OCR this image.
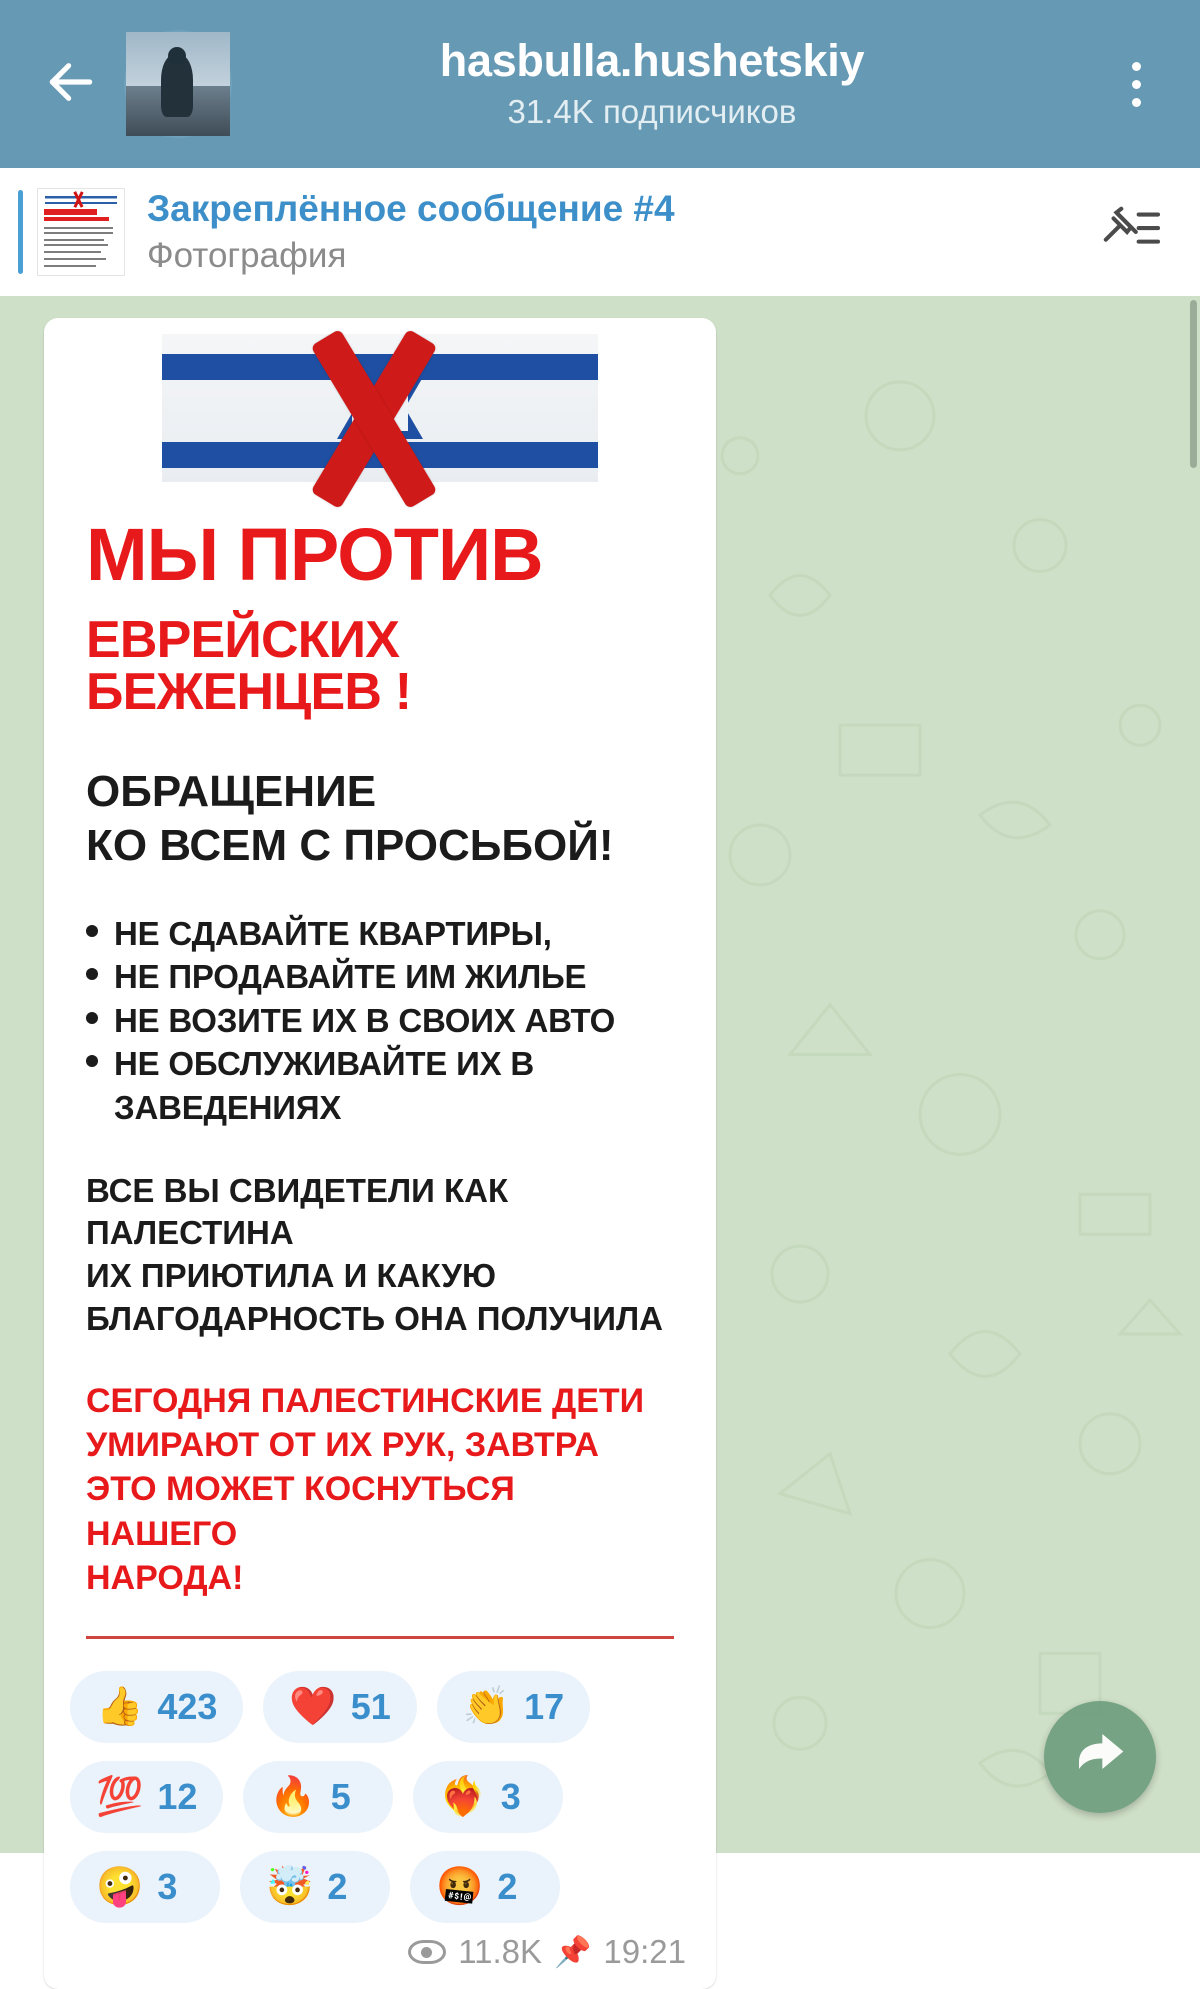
hasbulla.hushetskiy
31.4K подписчиков
Закреплённое сообщение #4
Фотография
МЫ ПРОТИВ
ЕВРЕЙСКИХ БЕЖЕНЦЕВ !
ОБРАЩЕНИЕ
КО ВСЕМ С ПРОСЬБОЙ!
НЕ СДАВАЙТЕ КВАРТИРЫ,
НЕ ПРОДАВАЙТЕ ИМ ЖИЛЬЕ
НЕ ВОЗИТЕ ИХ В СВОИХ АВТО
НЕ ОБСЛУЖИВАЙТЕ ИХ В ЗАВЕДЕНИЯХ
ВСЕ ВЫ СВИДЕТЕЛИ КАК ПАЛЕСТИНА
ИХ ПРИЮТИЛА И КАКУЮ
БЛАГОДАРНОСТЬ ОНА ПОЛУЧИЛА
СЕГОДНЯ ПАЛЕСТИНСКИЕ ДЕТИ
УМИРАЮТ ОТ ИХ РУК, ЗАВТРА
ЭТО МОЖЕТ КОСНУТЬСЯ НАШЕГО
НАРОДА!
👍 423 ❤️ 51 👏 17
💯 12 🔥 5 ❤️‍🔥 3
🤪 3 🤯 2 🤬 2
11.8K 📌 19:21
